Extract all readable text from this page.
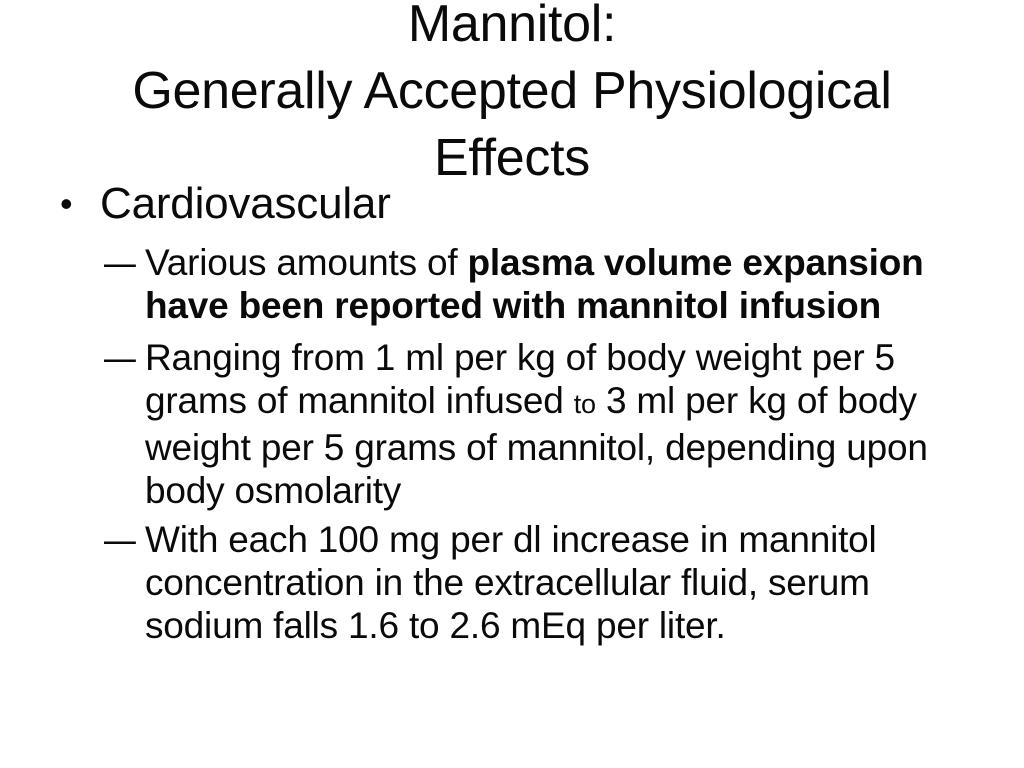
Mannitol:
Generally Accepted Physiological
Effects
• Cardiovascular
– Various amounts of plasma volume expansion
have been reported with mannitol infusion
– Ranging from 1 ml per kg of body weight per 5
grams of mannitol infused to 3 ml per kg of body
weight per 5 grams of mannitol, depending upon
body osmolarity
– With each 100 mg per dl increase in mannitol
concentration in the extracellular fluid, serum
sodium falls 1.6 to 2.6 mEq per liter.
